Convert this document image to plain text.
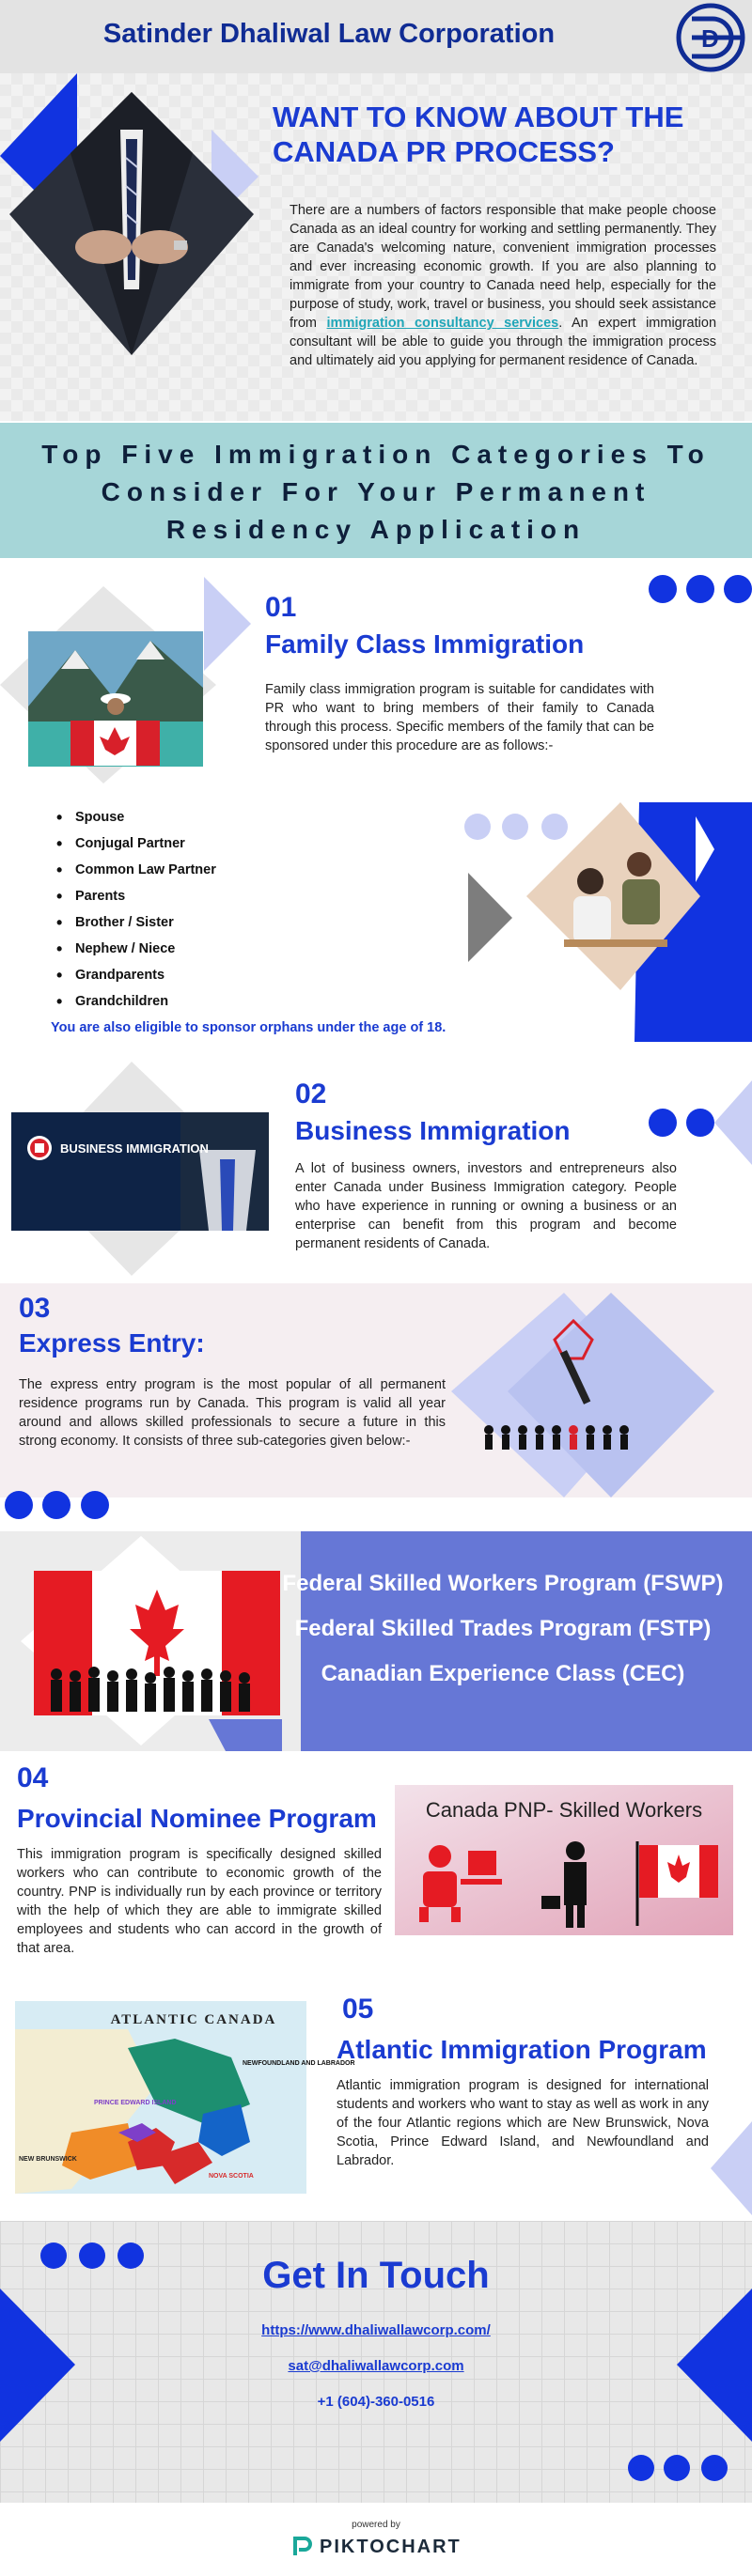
Satinder Dhaliwal Law Corporation	D
WANT TO KNOW ABOUT THE CANADA PR PROCESS?
There are a numbers of factors responsible that make people choose Canada as an ideal country for working and settling permanently. They are Canada's welcoming nature, convenient immigration processes and ever increasing economic growth. If you are also planning to immigrate from your country to Canada need help, especially for the purpose of study, work, travel or business, you should seek assistance from immigration consultancy services. An expert immigration consultant will be able to guide you through the immigration process and ultimately aid you applying for permanent residence of Canada.
Top Five Immigration Categories To Consider For Your Permanent Residency Application
01
Family Class Immigration
Family class immigration program is suitable for candidates with PR who want to bring members of their family to Canada through this process. Specific members of the family that can be sponsored under this procedure are as follows:-
• Spouse
• Conjugal Partner
• Common Law Partner
• Parents
• Brother / Sister
• Nephew / Niece
• Grandparents
• Grandchildren
You are also eligible to sponsor orphans under the age of 18.
BUSINESS IMMIGRATION
02
Business Immigration
A lot of business owners, investors and entrepreneurs also enter Canada under Business Immigration category. People who have experience in running or owning a business or an enterprise can benefit from this program and become permanent residents of Canada.
03
Express Entry:
The express entry program is the most popular of all permanent residence programs run by Canada. This program is valid all year around and allows skilled professionals to secure a future in this strong economy. It consists of three sub-categories given below:-
Federal Skilled Workers Program (FSWP)
Federal Skilled Trades Program (FSTP)
Canadian Experience Class (CEC)
04
Provincial Nominee Program
This immigration program is specifically designed skilled workers who can contribute to economic growth of the country. PNP is individually run by each province or territory with the help of which they are able to immigrate skilled employees and students who can accord in the growth of that area.
Canada PNP- Skilled Workers
ATLANTIC CANADA
NEWFOUNDLAND AND LABRADOR
PRINCE EDWARD ISLAND
NEW BRUNSWICK
NOVA SCOTIA
05
Atlantic Immigration Program
Atlantic immigration program is designed for international students and workers who want to stay as well as work in any of the four Atlantic regions which are New Brunswick, Nova Scotia, Prince Edward Island, and Newfoundland and Labrador.
Get In Touch
https://www.dhaliwallawcorp.com/
sat@dhaliwallawcorp.com
+1 (604)-360-0516
powered by
PIKTOCHART
